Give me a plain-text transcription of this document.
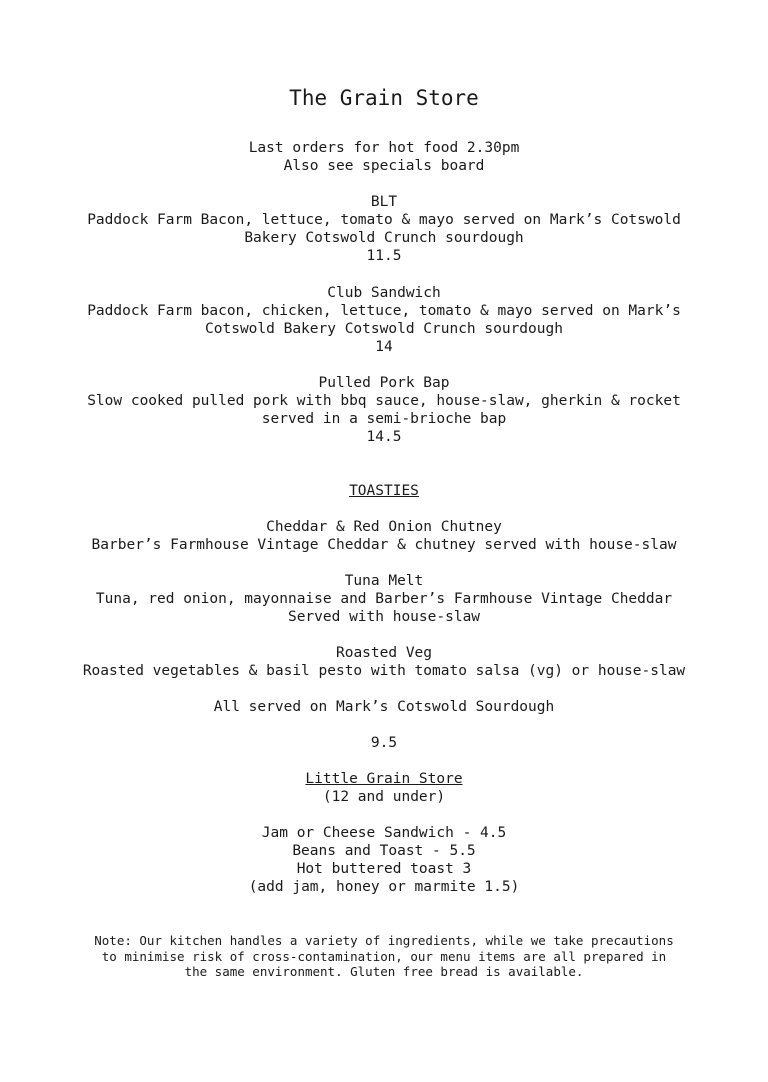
The Grain Store
Last orders for hot food 2.30pm
Also see specials board
BLT
Paddock Farm Bacon, lettuce, tomato & mayo served on Mark’s Cotswold
Bakery Cotswold Crunch sourdough
11.5
Club Sandwich
Paddock Farm bacon, chicken, lettuce, tomato & mayo served on Mark’s
Cotswold Bakery Cotswold Crunch sourdough
14
Pulled Pork Bap
Slow cooked pulled pork with bbq sauce, house-slaw, gherkin & rocket
served in a semi-brioche bap
14.5
TOASTIES
Cheddar & Red Onion Chutney
Barber’s Farmhouse Vintage Cheddar & chutney served with house-slaw
Tuna Melt
Tuna, red onion, mayonnaise and Barber’s Farmhouse Vintage Cheddar
Served with house-slaw
Roasted Veg
Roasted vegetables & basil pesto with tomato salsa (vg) or house-slaw
All served on Mark’s Cotswold Sourdough
9.5
Little Grain Store
(12 and under)
Jam or Cheese Sandwich - 4.5
Beans and Toast - 5.5
Hot buttered toast 3
(add jam, honey or marmite 1.5)
Note: Our kitchen handles a variety of ingredients, while we take precautions
to minimise risk of cross-contamination, our menu items are all prepared in
the same environment. Gluten free bread is available.
